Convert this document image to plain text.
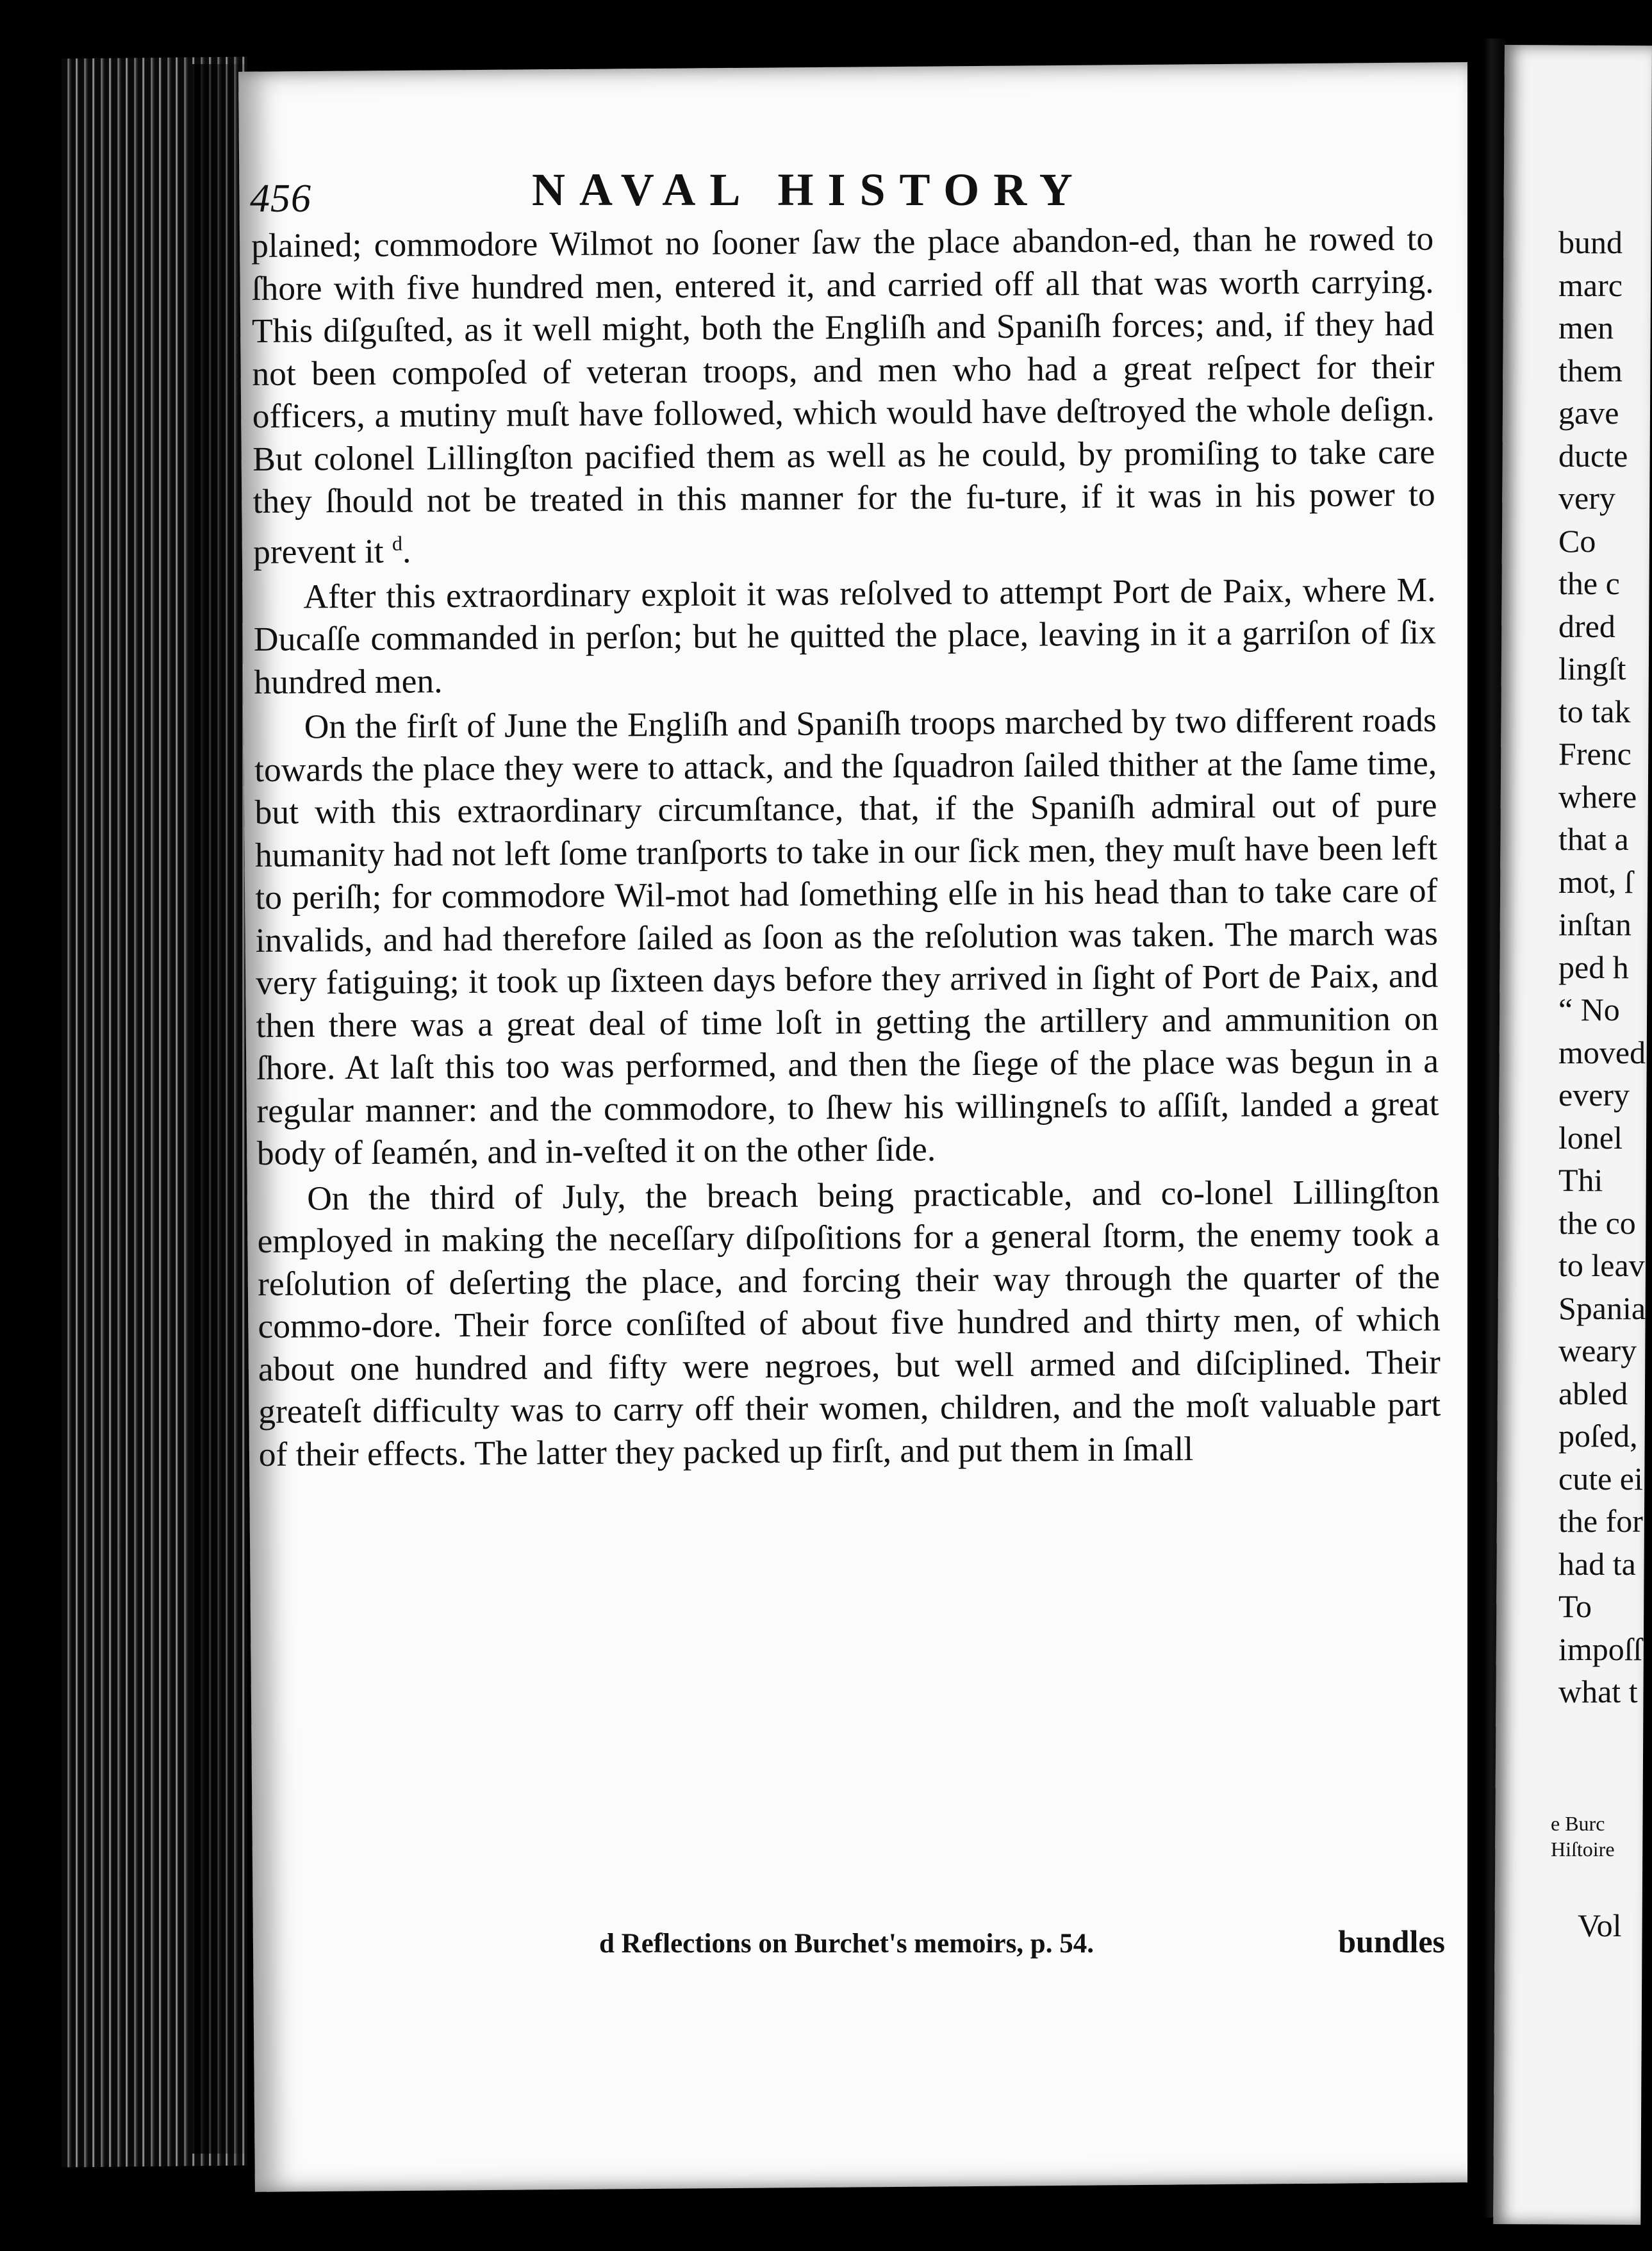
456	NAVAL HISTORY

plained; commodore Wilmot no ſooner ſaw the place abandon-ed, than he rowed to ſhore with five hundred men, entered it, and carried off all that was worth carrying. This diſguſted, as it well might, both the Engliſh and Spaniſh forces; and, if they had not been compoſed of veteran troops, and men who had a great reſpect for their officers, a mutiny muſt have followed, which would have deſtroyed the whole deſign. But colonel Lillingſton pacified them as well as he could, by promiſing to take care they ſhould not be treated in this manner for the fu-ture, if it was in his power to prevent it $^d$.

After this extraordinary exploit it was reſolved to attempt Port de Paix, where M. Ducaſſe commanded in perſon; but he quitted the place, leaving in it a garriſon of ſix hundred men.

On the firſt of June the Engliſh and Spaniſh troops marched by two different roads towards the place they were to attack, and the ſquadron ſailed thither at the ſame time, but with this extraordinary circumſtance, that, if the Spaniſh admiral out of pure humanity had not left ſome tranſports to take in our ſick men, they muſt have been left to periſh; for commodore Wil-mot had ſomething elſe in his head than to take care of invalids, and had therefore ſailed as ſoon as the reſolution was taken. The march was very fatiguing; it took up ſixteen days before they arrived in ſight of Port de Paix, and then there was a great deal of time loſt in getting the artillery and ammunition on ſhore. At laſt this too was performed, and then the ſiege of the place was begun in a regular manner: and the commodore, to ſhew his willingneſs to aſſiſt, landed a great body of ſeamén, and in-veſted it on the other ſide.

On the third of July, the breach being practicable, and co-lonel Lillingſton employed in making the neceſſary diſpoſitions for a general ſtorm, the enemy took a reſolution of deſerting the place, and forcing their way through the quarter of the commo-dore. Their force conſiſted of about five hundred and thirty men, of which about one hundred and fifty were negroes, but well armed and diſciplined. Their greateſt difficulty was to carry off their women, children, and the moſt valuable part of their effects. The latter they packed up firſt, and put them in ſmall

d Reflections on Burchet's memoirs, p. 54.	bundles
bund
marc
men
them
gave
ducte
very
Co
the c
dred
lingſt
to tak
Frenc
where
that a
mot, ſ
inſtan
ped h
“ No
moved
every
lonel
Thi
the co
to leav
Spania
weary
abled
poſed,
cute ei
the for
had ta
To
impoſſ
what t
e Burc
Hiſtoire
Vol
